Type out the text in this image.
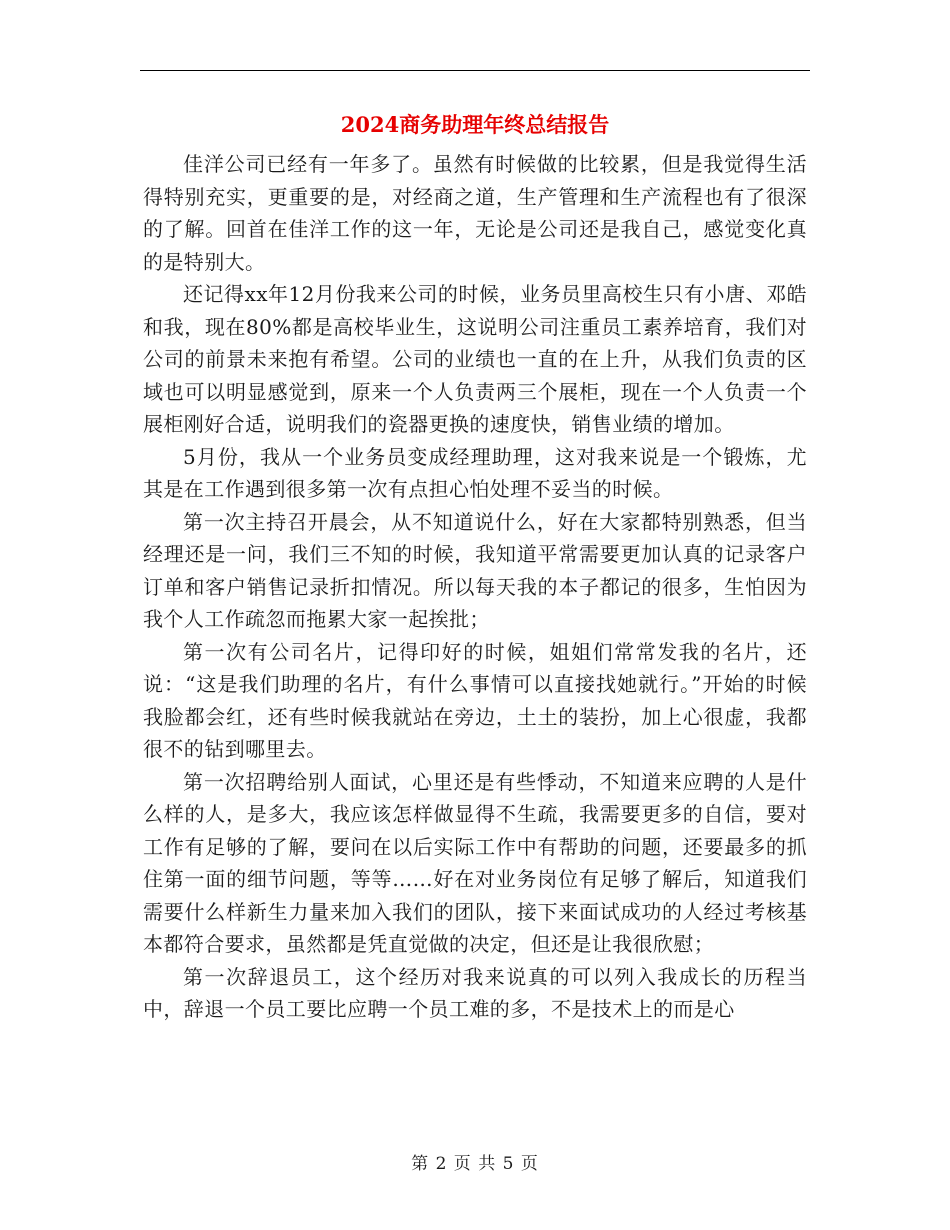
2024商务助理年终总结报告

佳洋公司已经有一年多了。虽然有时候做的比较累，但是我觉得生活得特别充实，更重要的是，对经商之道，生产管理和生产流程也有了很深的了解。回首在佳洋工作的这一年，无论是公司还是我自己，感觉变化真的是特别大。

还记得xx年12月份我来公司的时候，业务员里高校生只有小唐、邓皓和我，现在80%都是高校毕业生，这说明公司注重员工素养培育，我们对公司的前景未来抱有希望。公司的业绩也一直的在上升，从我们负责的区域也可以明显感觉到，原来一个人负责两三个展柜，现在一个人负责一个展柜刚好合适，说明我们的瓷器更换的速度快，销售业绩的增加。

5月份，我从一个业务员变成经理助理，这对我来说是一个锻炼，尤其是在工作遇到很多第一次有点担心怕处理不妥当的时候。

第一次主持召开晨会，从不知道说什么，好在大家都特别熟悉，但当经理还是一问，我们三不知的时候，我知道平常需要更加认真的记录客户订单和客户销售记录折扣情况。所以每天我的本子都记的很多，生怕因为我个人工作疏忽而拖累大家一起挨批；

第一次有公司名片，记得印好的时候，姐姐们常常发我的名片，还说：“这是我们助理的名片，有什么事情可以直接找她就行。”开始的时候我脸都会红，还有些时候我就站在旁边，土土的装扮，加上心很虚，我都很不的钻到哪里去。

第一次招聘给别人面试，心里还是有些悸动，不知道来应聘的人是什么样的人，是多大，我应该怎样做显得不生疏，我需要更多的自信，要对工作有足够的了解，要问在以后实际工作中有帮助的问题，还要最多的抓住第一面的细节问题，等等……好在对业务岗位有足够了解后，知道我们需要什么样新生力量来加入我们的团队，接下来面试成功的人经过考核基本都符合要求，虽然都是凭直觉做的决定，但还是让我很欣慰；

第一次辞退员工，这个经历对我来说真的可以列入我成长的历程当中，辞退一个员工要比应聘一个员工难的多，不是技术上的而是心

第 2 页 共 5 页
